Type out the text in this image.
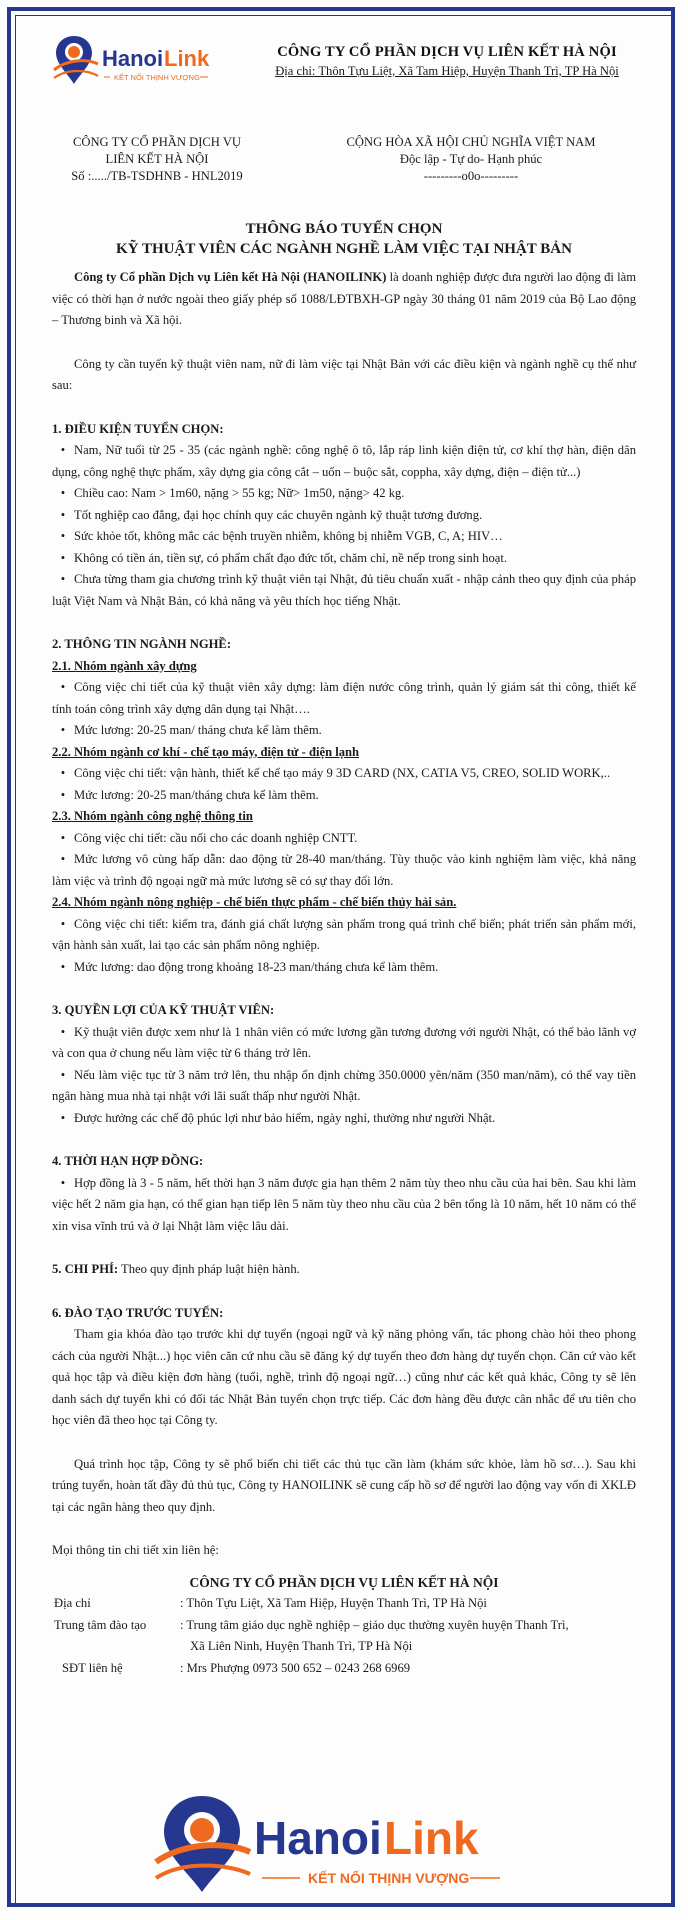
Hanoi Link
KẾT NỐI THỊNH VƯỢNG
CÔNG TY CỔ PHẦN DỊCH VỤ LIÊN KẾT HÀ NỘI
Địa chỉ: Thôn Tựu Liệt, Xã Tam Hiệp, Huyện Thanh Trì, TP Hà Nội
CÔNG TY CỔ PHẦN DỊCH VỤ
LIÊN KẾT HÀ NỘI
Số :...../TB-TSDHNB - HNL2019
CỘNG HÒA XÃ HỘI CHỦ NGHĨA VIỆT NAM
Độc lập - Tự do- Hạnh phúc
---------o0o---------
THÔNG BÁO TUYỂN CHỌN
KỸ THUẬT VIÊN CÁC NGÀNH NGHỀ LÀM VIỆC TẠI NHẬT BẢN

Công ty Cổ phần Dịch vụ Liên kết Hà Nội (HANOILINK) là doanh nghiệp được đưa người lao động đi làm việc có thời hạn ở nước ngoài theo giấy phép số 1088/LĐTBXH-GP ngày 30 tháng 01 năm 2019 của Bộ Lao động – Thương binh và Xã hội.

Công ty cần tuyển kỹ thuật viên nam, nữ đi làm việc tại Nhật Bản với các điều kiện và ngành nghề cụ thể như sau:

1. ĐIỀU KIỆN TUYỂN CHỌN:

• Nam, Nữ tuổi từ 25 - 35 (các ngành nghề: công nghệ ô tô, lắp ráp linh kiện điện tử, cơ khí thợ hàn, điện dân dụng, công nghệ thực phẩm, xây dựng gia công cắt – uốn – buộc sắt, coppha, xây dựng, điện – điện tử...)

• Chiều cao: Nam > 1m60, nặng > 55 kg; Nữ> 1m50, nặng> 42 kg.

• Tốt nghiệp cao đẳng, đại học chính quy các chuyên ngành kỹ thuật tương đương.

• Sức khỏe tốt, không mắc các bệnh truyền nhiễm, không bị nhiễm VGB, C, A; HIV…

• Không có tiền án, tiền sự, có phẩm chất đạo đức tốt, chăm chỉ, nề nếp trong sinh hoạt.

• Chưa từng tham gia chương trình kỹ thuật viên tại Nhật, đủ tiêu chuẩn xuất - nhập cảnh theo quy định của pháp luật Việt Nam và Nhật Bản, có khả năng và yêu thích học tiếng Nhật.

2. THÔNG TIN NGÀNH NGHỀ:

2.1. Nhóm ngành xây dựng

• Công việc chi tiết của kỹ thuật viên xây dựng: làm điện nước công trình, quản lý giám sát thi công, thiết kế tính toán công trình xây dựng dân dụng tại Nhật….

• Mức lương: 20-25 man/ tháng chưa kể làm thêm.

2.2. Nhóm ngành cơ khí - chế tạo máy, điện tử - điện lạnh

• Công việc chi tiết: vận hành, thiết kế chế tạo máy 9 3D CARD (NX, CATIA V5, CREO, SOLID WORK,..

• Mức lương: 20-25 man/tháng chưa kể làm thêm.

2.3. Nhóm ngành công nghệ thông tin

• Công việc chi tiết: cầu nối cho các doanh nghiệp CNTT.

• Mức lương vô cùng hấp dẫn: dao động từ 28-40 man/tháng. Tùy thuộc vào kinh nghiệm làm việc, khả năng làm việc và trình độ ngoại ngữ mà mức lương sẽ có sự thay đổi lớn.

2.4. Nhóm ngành nông nghiệp - chế biến thực phẩm - chế biến thủy hải sản.

• Công việc chi tiết: kiểm tra, đánh giá chất lượng sản phẩm trong quá trình chế biến; phát triển sản phẩm mới, vận hành sản xuất, lai tạo các sản phẩm nông nghiệp.

• Mức lương: dao động trong khoảng 18-23 man/tháng chưa kể làm thêm.

3. QUYỀN LỢI CỦA KỸ THUẬT VIÊN:

• Kỹ thuật viên được xem như là 1 nhân viên có mức lương gần tương đương với người Nhật, có thể bảo lãnh vợ và con qua ở chung nếu làm việc từ 6 tháng trở lên.

• Nếu làm việc tục từ 3 năm trở lên, thu nhập ổn định chừng 350.0000 yên/năm (350 man/năm), có thể vay tiền ngân hàng mua nhà tại nhật với lãi suất thấp như người Nhật.

• Được hưởng các chế độ phúc lợi như bảo hiểm, ngày nghỉ, thưởng như người Nhật.

4. THỜI HẠN HỢP ĐỒNG:

• Hợp đồng là 3 - 5 năm, hết thời hạn 3 năm được gia hạn thêm 2 năm tùy theo nhu cầu của hai bên. Sau khi làm việc hết 2 năm gia hạn, có thể gian hạn tiếp lên 5 năm tùy theo nhu cầu của 2 bên tổng là 10 năm, hết 10 năm có thể xin visa vĩnh trú và ở lại Nhật làm việc lâu dài.

5. CHI PHÍ: Theo quy định pháp luật hiện hành.

6. ĐÀO TẠO TRƯỚC TUYỂN:

Tham gia khóa đào tạo trước khi dự tuyển (ngoại ngữ và kỹ năng phỏng vấn, tác phong chào hỏi theo phong cách của người Nhật...) học viên căn cứ nhu cầu sẽ đăng ký dự tuyển theo đơn hàng dự tuyển chọn. Căn cứ vào kết quả học tập và điều kiện đơn hàng (tuổi, nghề, trình độ ngoại ngữ…) cũng như các kết quả khác, Công ty sẽ lên danh sách dự tuyển khi có đối tác Nhật Bản tuyển chọn trực tiếp. Các đơn hàng đều được cân nhắc để ưu tiên cho học viên đã theo học tại Công ty.

Quá trình học tập, Công ty sẽ phổ biến chi tiết các thủ tục cần làm (khám sức khỏe, làm hồ sơ…). Sau khi trúng tuyển, hoàn tất đầy đủ thủ tục, Công ty HANOILINK sẽ cung cấp hồ sơ để người lao động vay vốn đi XKLĐ tại các ngân hàng theo quy định.

Mọi thông tin chi tiết xin liên hệ:

CÔNG TY CỔ PHẦN DỊCH VỤ LIÊN KẾT HÀ NỘI
Địa chỉ	: Thôn Tựu Liệt, Xã Tam Hiệp, Huyện Thanh Trì, TP Hà Nội
Trung tâm đào tạo	: Trung tâm giáo dục nghề nghiệp – giáo dục thường xuyên huyện Thanh Trì,
Xã Liên Ninh, Huyện Thanh Trì, TP Hà Nội
SĐT liên hệ	: Mrs Phượng 0973 500 652 – 0243 268 6969
Hanoi Link
KẾT NỐI THỊNH VƯỢNG
